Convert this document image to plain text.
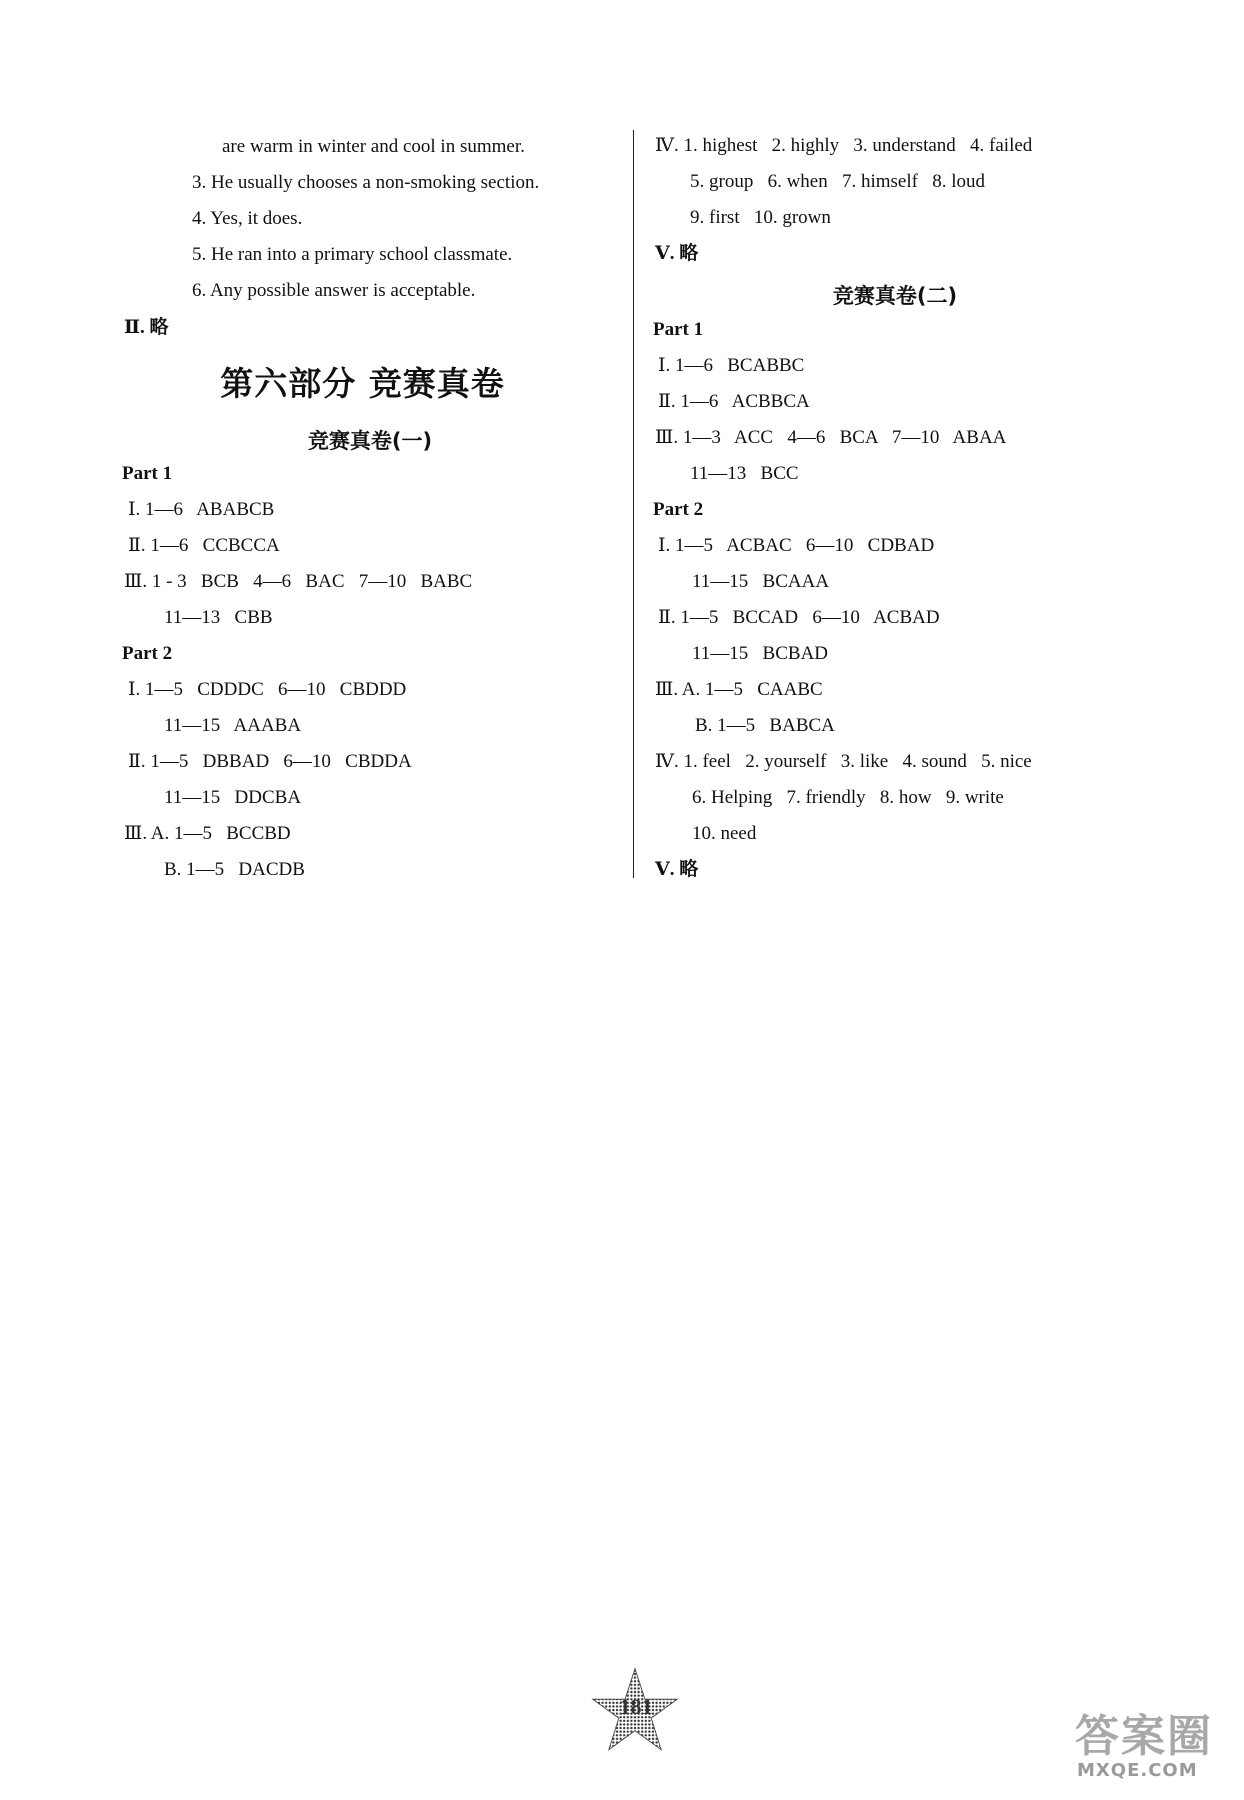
are warm in winter and cool in summer.
3. He usually chooses a non-smoking section.
4. Yes, it does.
5. He ran into a primary school classmate.
6. Any possible answer is acceptable.
Ⅱ. 略
第六部分 竞赛真卷
竞赛真卷(一)
Part 1
Ⅰ. 1—6   ABABCB
Ⅱ. 1—6   CCBCCA
Ⅲ. 1 - 3   BCB   4—6   BAC   7—10   BABC
11—13   CBB
Part 2
Ⅰ. 1—5   CDDDC   6—10   CBDDD
11—15   AAABA
Ⅱ. 1—5   DBBAD   6—10   CBDDA
11—15   DDCBA
Ⅲ. A. 1—5   BCCBD
B. 1—5   DACDB
Ⅳ. 1. highest   2. highly   3. understand   4. failed
5. group   6. when   7. himself   8. loud
9. first   10. grown
Ⅴ. 略
竞赛真卷(二)
Part 1
Ⅰ. 1—6   BCABBC
Ⅱ. 1—6   ACBBCA
Ⅲ. 1—3   ACC   4—6   BCA   7—10   ABAA
11—13   BCC
Part 2
Ⅰ. 1—5   ACBAC   6—10   CDBAD
11—15   BCAAA
Ⅱ. 1—5   BCCAD   6—10   ACBAD
11—15   BCBAD
Ⅲ. A. 1—5   CAABC
B. 1—5   BABCA
Ⅳ. 1. feel   2. yourself   3. like   4. sound   5. nice
6. Helping   7. friendly   8. how   9. write
10. need
Ⅴ. 略
181
答案圈
MXQE.COM
